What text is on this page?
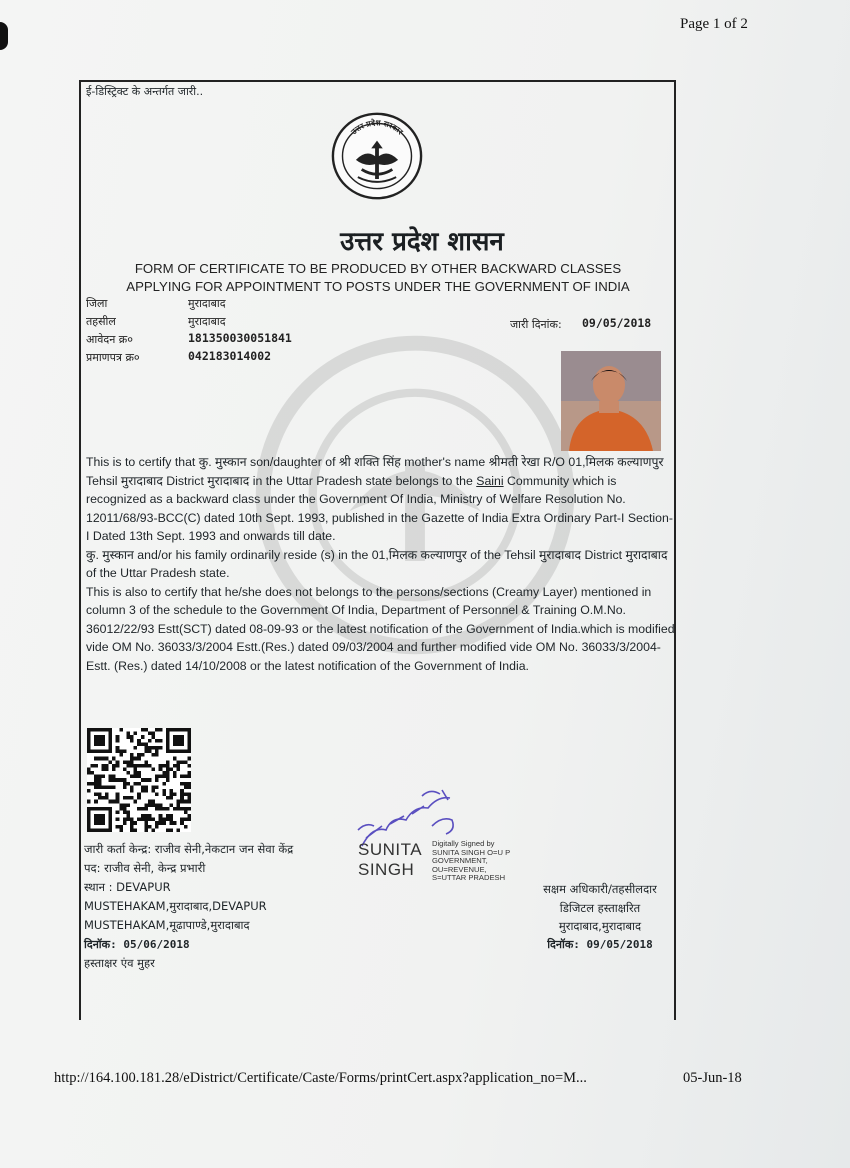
Page 1 of 2
ई-डिस्ट्रिक्ट के अन्तर्गत जारी..
उत्तर प्रदेश सरकार
उत्तर प्रदेश शासन
FORM OF CERTIFICATE TO BE PRODUCED BY OTHER BACKWARD CLASSES
APPLYING FOR APPOINTMENT TO POSTS UNDER THE GOVERNMENT OF INDIA
जिला	मुरादाबाद
तहसील	मुरादाबाद
आवेदन क्र०	181350030051841
प्रमाणपत्र क्र०	042183014002
जारी दिनांक: 09/05/2018

This is to certify that कु. मुस्कान son/daughter of श्री शक्ति सिंह mother's name श्रीमती रेखा R/O 01,मिलक कल्याणपुर Tehsil मुरादाबाद District मुरादाबाद in the Uttar Pradesh state belongs to the Saini Community which is recognized as a backward class under the Government Of India, Ministry of Welfare Resolution No. 12011/68/93-BCC(C) dated 10th Sept. 1993, published in the Gazette of India Extra Ordinary Part-I Section-I Dated 13th Sept. 1993 and onwards till date.

कु. मुस्कान and/or his family ordinarily reside (s) in the 01,मिलक कल्याणपुर of the Tehsil मुरादाबाद District मुरादाबाद of the Uttar Pradesh state.

This is also to certify that he/she does not belongs to the persons/sections (Creamy Layer) mentioned in column 3 of the schedule to the Government Of India, Department of Personnel & Training O.M.No. 36012/22/93 Estt(SCT) dated 08-09-93 or the latest notification of the Government of India.which is modified vide OM No. 36033/3/2004 Estt.(Res.) dated 09/03/2004 and further modified vide OM No. 36033/3/2004-Estt. (Res.) dated 14/10/2008 or the latest notification of the Government of India.

जारी कर्ता केन्द्र: राजीव सेनी,नेकटान जन सेवा केंद्र
पद: राजीव सेनी, केन्द्र प्रभारी
स्थान : DEVAPUR
MUSTEHAKAM,मुरादाबाद,DEVAPUR
MUSTEHAKAM,मूढापाण्डे,मुरादाबाद
दिनॉक: 05/06/2018
हस्ताक्षर एंव मुहर
SUNITA
SINGH
Digitally Signed by
SUNITA SINGH O=U P
GOVERNMENT,
OU=REVENUE,
S=UTTAR PRADESH
सक्षम अधिकारी/तहसीलदार
डिजिटल हस्ताक्षरित
मुरादाबाद,मुरादाबाद
दिनॉक: 09/05/2018
http://164.100.181.28/eDistrict/Certificate/Caste/Forms/printCert.aspx?application_no=M...	05-Jun-18
